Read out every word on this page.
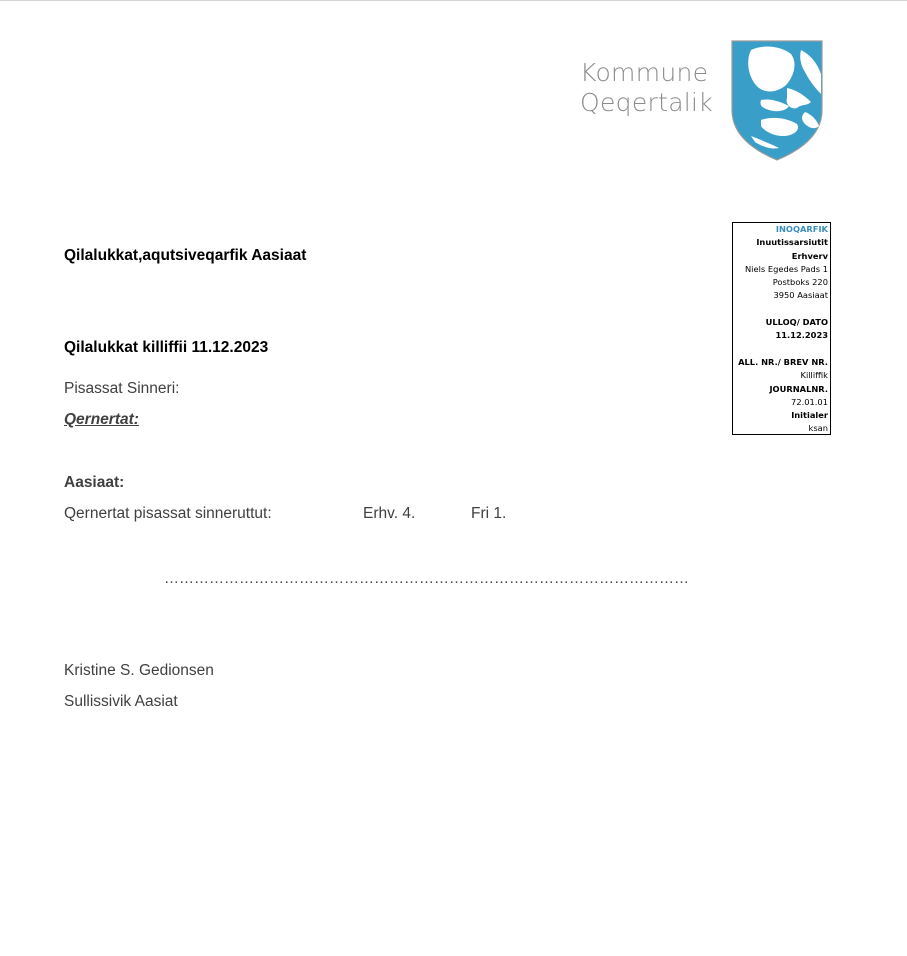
Kommune
Qeqertalik
INOQARFIK
Inuutissarsiutit
Erhverv
Niels Egedes Pads 1
Postboks 220
3950 Aasiaat
ULLOQ/ DATO
11.12.2023
ALL. NR./ BREV NR.
Killiffik
JOURNALNR.
72.01.01
Initialer
ksan
Qilalukkat,aqutsiveqarfik Aasiaat
Qilalukkat killiffii 11.12.2023
Pisassat Sinneri:
Qernertat:
Aasiaat:
Qernertat pisassat sinneruttut:	Erhv. 4.	Fri 1.
……………………………………………………………………………………………
Kristine S. Gedionsen
Sullissivik Aasiat
